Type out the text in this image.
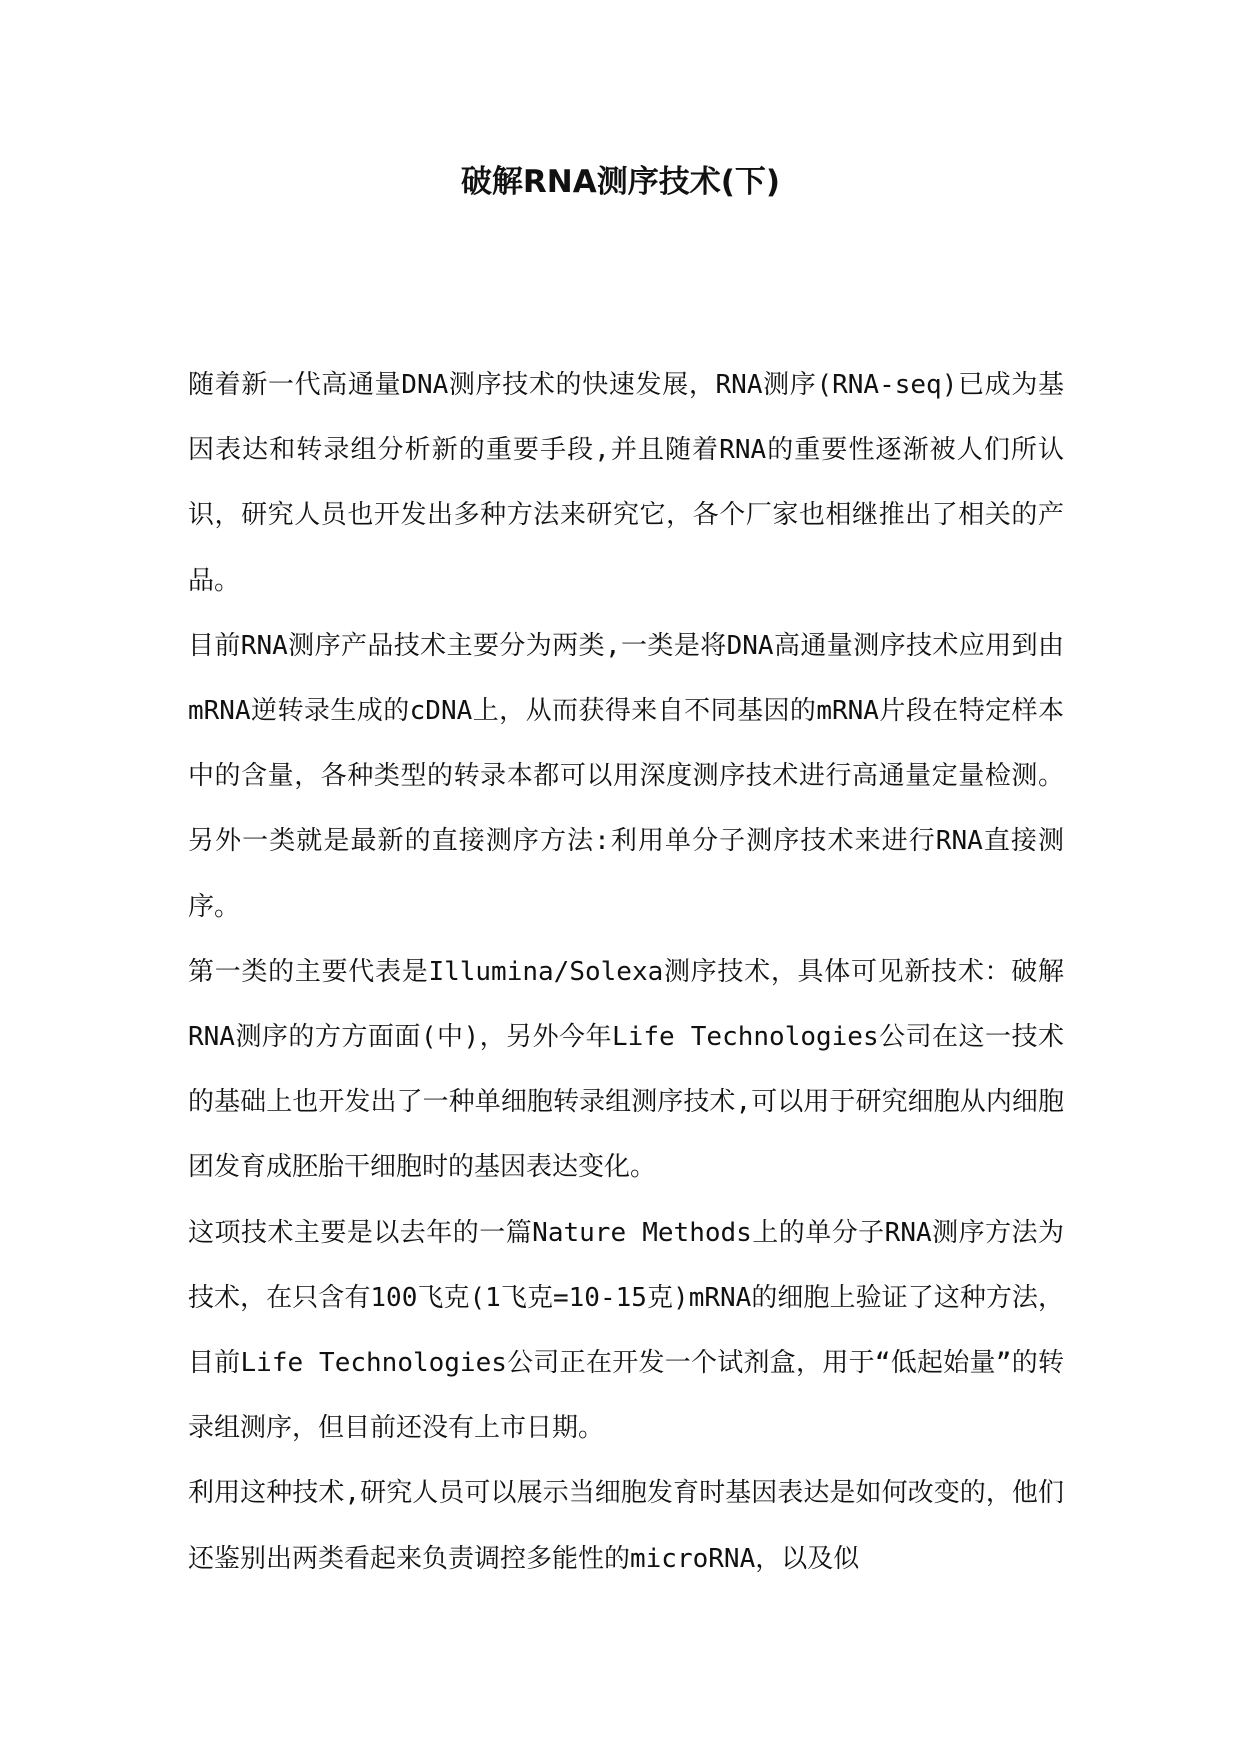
破解RNA测序技术(下)

随着新一代高通量DNA测序技术的快速发展，RNA测序(RNA-seq)已成为基因表达和转录组分析新的重要手段,并且随着RNA的重要性逐渐被人们所认识，研究人员也开发出多种方法来研究它，各个厂家也相继推出了相关的产品。

目前RNA测序产品技术主要分为两类,一类是将DNA高通量测序技术应用到由mRNA逆转录生成的cDNA上，从而获得来自不同基因的mRNA片段在特定样本中的含量，各种类型的转录本都可以用深度测序技术进行高通量定量检测。另外一类就是最新的直接测序方法:利用单分子测序技术来进行RNA直接测序。

第一类的主要代表是Illumina/Solexa测序技术，具体可见新技术：破解RNA测序的方方面面(中)，另外今年Life Technologies公司在这一技术的基础上也开发出了一种单细胞转录组测序技术,可以用于研究细胞从内细胞团发育成胚胎干细胞时的基因表达变化。

这项技术主要是以去年的一篇Nature Methods上的单分子RNA测序方法为技术，在只含有100飞克(1飞克=10-15克)mRNA的细胞上验证了这种方法，目前Life Technologies公司正在开发一个试剂盒，用于“低起始量”的转录组测序，但目前还没有上市日期。

利用这种技术,研究人员可以展示当细胞发育时基因表达是如何改变的，他们还鉴别出两类看起来负责调控多能性的microRNA，以及似
